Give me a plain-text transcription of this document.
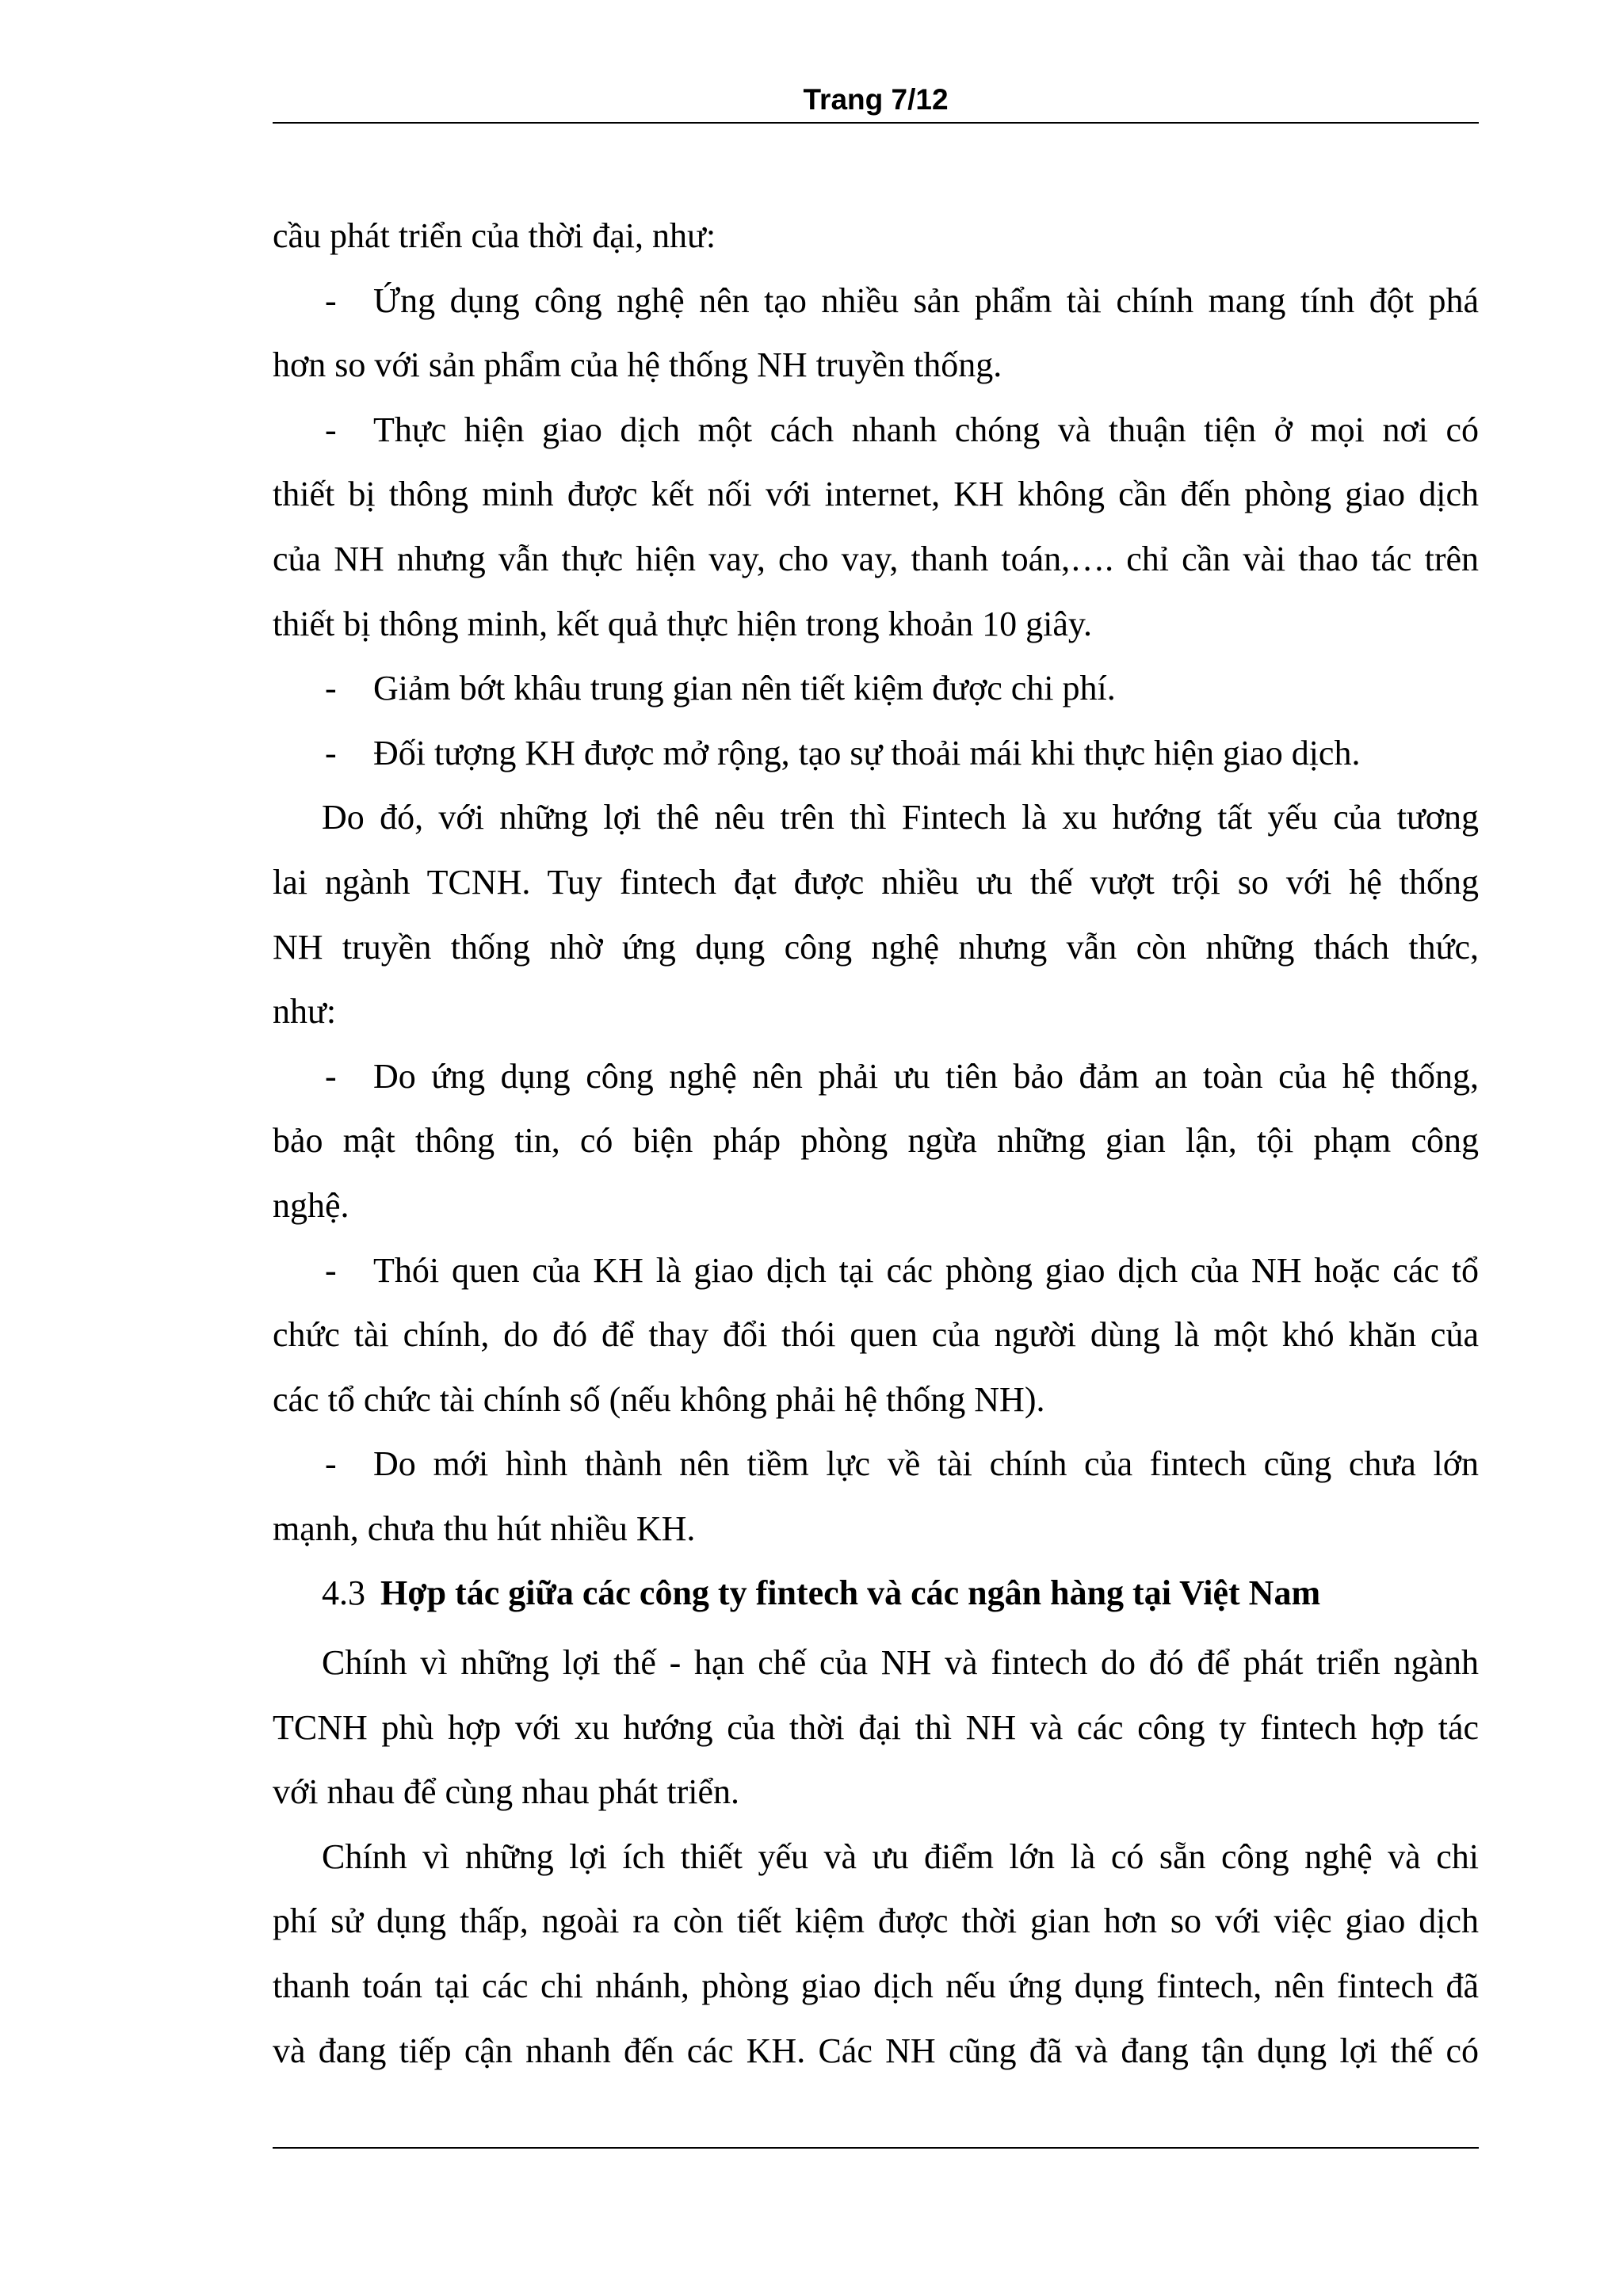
Trang 7/12
cầu phát triển của thời đại, như:
- Ứng dụng công nghệ nên tạo nhiều sản phẩm tài chính mang tính đột phá
hơn so với sản phẩm của hệ thống NH truyền thống.
- Thực hiện giao dịch một cách nhanh chóng và thuận tiện ở mọi nơi có
thiết bị thông minh được kết nối với internet, KH không cần đến phòng giao dịch
của NH nhưng vẫn thực hiện vay, cho vay, thanh toán,…. chỉ cần vài thao tác trên
thiết bị thông minh, kết quả thực hiện trong khoản 10 giây.
- Giảm bớt khâu trung gian nên tiết kiệm được chi phí.
- Đối tượng KH được mở rộng, tạo sự thoải mái khi thực hiện giao dịch.
Do đó, với những lợi thê nêu trên thì Fintech là xu hướng tất yếu của tương
lai ngành TCNH. Tuy fintech đạt được nhiều ưu thế vượt trội so với hệ thống
NH truyền thống nhờ ứng dụng công nghệ nhưng vẫn còn những thách thức,
như:
- Do ứng dụng công nghệ nên phải ưu tiên bảo đảm an toàn của hệ thống,
bảo mật thông tin, có biện pháp phòng ngừa những gian lận, tội phạm công
nghệ.
- Thói quen của KH là giao dịch tại các phòng giao dịch của NH hoặc các tổ
chức tài chính, do đó để thay đổi thói quen của người dùng là một khó khăn của
các tổ chức tài chính số (nếu không phải hệ thống NH).
- Do mới hình thành nên tiềm lực về tài chính của fintech cũng chưa lớn
mạnh, chưa thu hút nhiều KH.
4.3 Hợp tác giữa các công ty fintech và các ngân hàng tại Việt Nam
Chính vì những lợi thế - hạn chế của NH và fintech do đó để phát triển ngành
TCNH phù hợp với xu hướng của thời đại thì NH và các công ty fintech hợp tác
với nhau để cùng nhau phát triển.
Chính vì những lợi ích thiết yếu và ưu điểm lớn là có sẵn công nghệ và chi
phí sử dụng thấp, ngoài ra còn tiết kiệm được thời gian hơn so với việc giao dịch
thanh toán tại các chi nhánh, phòng giao dịch nếu ứng dụng fintech, nên fintech đã
và đang tiếp cận nhanh đến các KH. Các NH cũng đã và đang tận dụng lợi thế có
